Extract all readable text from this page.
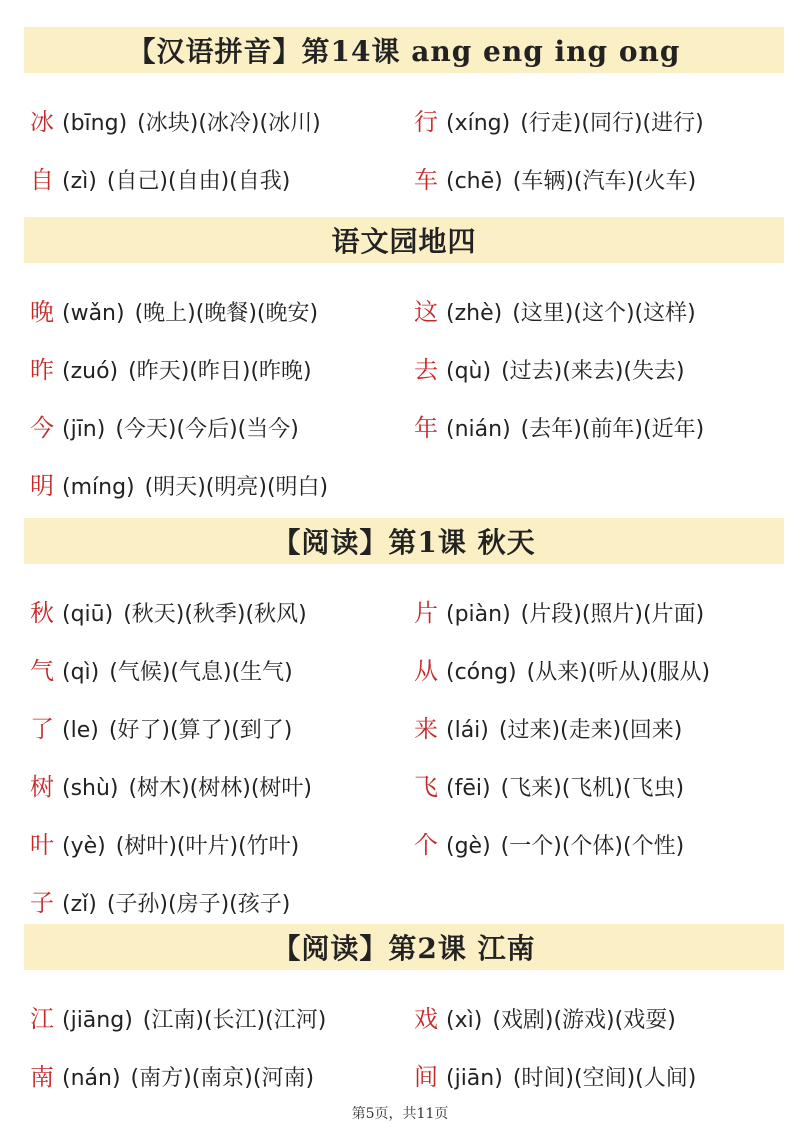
【汉语拼音】第14课 ang eng ing ong
冰 (bīng) (冰块)(冰冷)(冰川)	行 (xíng) (行走)(同行)(进行)
自 (zì) (自己)(自由)(自我)	车 (chē) (车辆)(汽车)(火车)
语文园地四
晚 (wǎn) (晚上)(晚餐)(晚安)	这 (zhè) (这里)(这个)(这样)
昨 (zuó) (昨天)(昨日)(昨晚)	去 (qù) (过去)(来去)(失去)
今 (jīn) (今天)(今后)(当今)	年 (nián) (去年)(前年)(近年)
明 (míng) (明天)(明亮)(明白)
【阅读】第1课 秋天
秋 (qiū) (秋天)(秋季)(秋风)	片 (piàn) (片段)(照片)(片面)
气 (qì) (气候)(气息)(生气)	从 (cóng) (从来)(听从)(服从)
了 (le) (好了)(算了)(到了)	来 (lái) (过来)(走来)(回来)
树 (shù) (树木)(树林)(树叶)	飞 (fēi) (飞来)(飞机)(飞虫)
叶 (yè) (树叶)(叶片)(竹叶)	个 (gè) (一个)(个体)(个性)
子 (zǐ) (子孙)(房子)(孩子)
【阅读】第2课 江南
江 (jiāng) (江南)(长江)(江河)	戏 (xì) (戏剧)(游戏)(戏耍)
南 (nán) (南方)(南京)(河南)	间 (jiān) (时间)(空间)(人间)
第5页，共11页
